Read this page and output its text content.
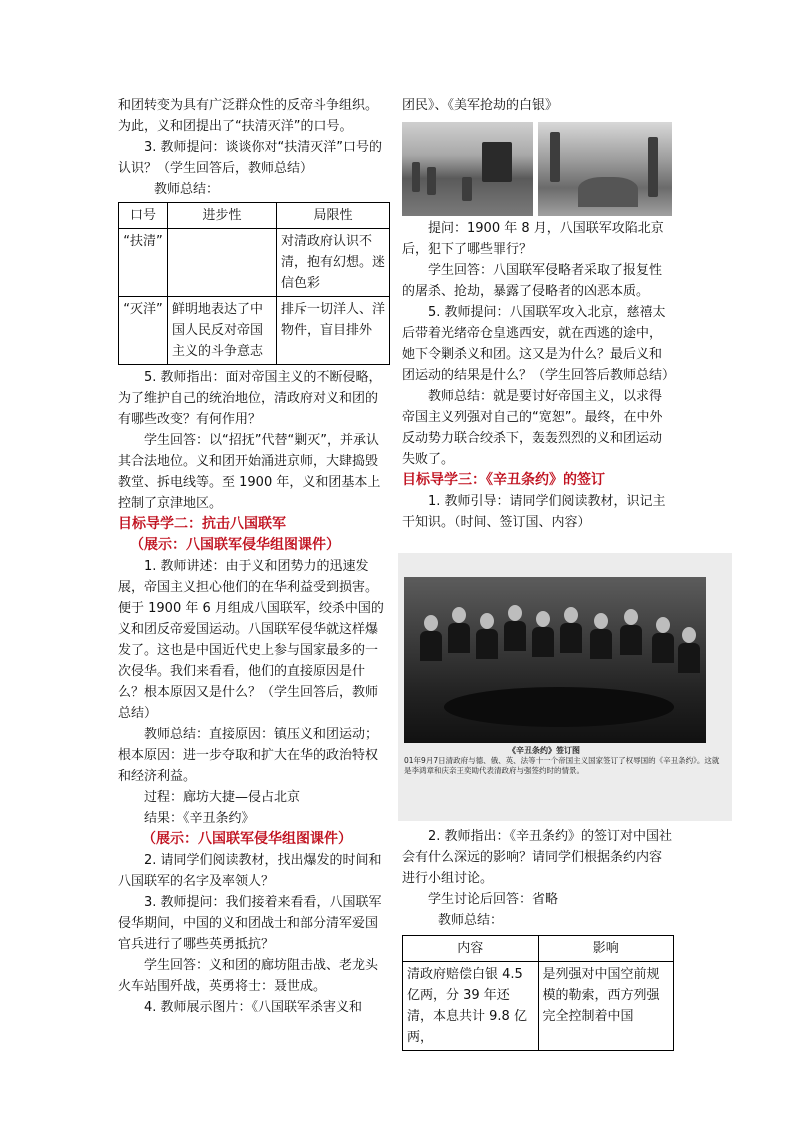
和团转变为具有广泛群众性的反帝斗争组织。为此，义和团提出了“扶清灭洋”的口号。

3. 教师提问：谈谈你对“扶清灭洋”口号的认识？（学生回答后，教师总结）

教师总结：

口号	进步性	局限性
“扶清”		对清政府认识不清，抱有幻想。迷信色彩
“灭洋”	鲜明地表达了中国人民反对帝国主义的斗争意志	排斥一切洋人、洋物件，盲目排外

5. 教师指出：面对帝国主义的不断侵略，为了维护自己的统治地位，清政府对义和团的有哪些改变？有何作用？

学生回答：以“招抚”代替“剿灭”，并承认其合法地位。义和团开始涌进京师，大肆捣毁教堂、拆电线等。至 1900 年，义和团基本上控制了京津地区。

目标导学二：抗击八国联军

（展示：八国联军侵华组图课件）

1. 教师讲述：由于义和团势力的迅速发展，帝国主义担心他们的在华利益受到损害。便于 1900 年 6 月组成八国联军，绞杀中国的义和团反帝爱国运动。八国联军侵华就这样爆发了。这也是中国近代史上参与国家最多的一次侵华。我们来看看，他们的直接原因是什么？根本原因又是什么？（学生回答后，教师总结）

教师总结：直接原因：镇压义和团运动；根本原因：进一步夺取和扩大在华的政治特权和经济利益。

过程：廊坊大捷—侵占北京

结果：《辛丑条约》

（展示：八国联军侵华组图课件）

2. 请同学们阅读教材，找出爆发的时间和八国联军的名字及率领人？

3. 教师提问：我们接着来看看，八国联军侵华期间，中国的义和团战士和部分清军爱国官兵进行了哪些英勇抵抗？

学生回答：义和团的廊坊阻击战、老龙头火车站围歼战，英勇将士：聂世成。

4. 教师展示图片：《八国联军杀害义和

团民》、《美军抢劫的白银》

提问：1900 年 8 月，八国联军攻陷北京后，犯下了哪些罪行？

学生回答：八国联军侵略者采取了报复性的屠杀、抢劫，暴露了侵略者的凶恶本质。

5. 教师提问：八国联军攻入北京，慈禧太后带着光绪帝仓皇逃西安，就在西逃的途中，她下令剿杀义和团。这又是为什么？最后义和团运动的结果是什么？（学生回答后教师总结）

教师总结：就是要讨好帝国主义，以求得帝国主义列强对自己的“宽恕”。最终，在中外反动势力联合绞杀下，轰轰烈烈的义和团运动失败了。

目标导学三：《辛丑条约》的签订

1. 教师引导：请同学们阅读教材，识记主干知识。（时间、签订国、内容）

《辛丑条约》签订图
01年9月7日清政府与德、俄、英、法等十一个帝国主义国家签订了权辱国的《辛丑条约》。这就是李鸿章和庆亲王奕劻代表清政府与强签约时的情景。

2. 教师指出：《辛丑条约》的签订对中国社会有什么深远的影响？请同学们根据条约内容进行小组讨论。

学生讨论后回答：省略

教师总结：

内容	影响
清政府赔偿白银 4.5 亿两，分 39 年还清，本息共计 9.8 亿两，	是列强对中国空前规模的勒索，西方列强完全控制着中国
